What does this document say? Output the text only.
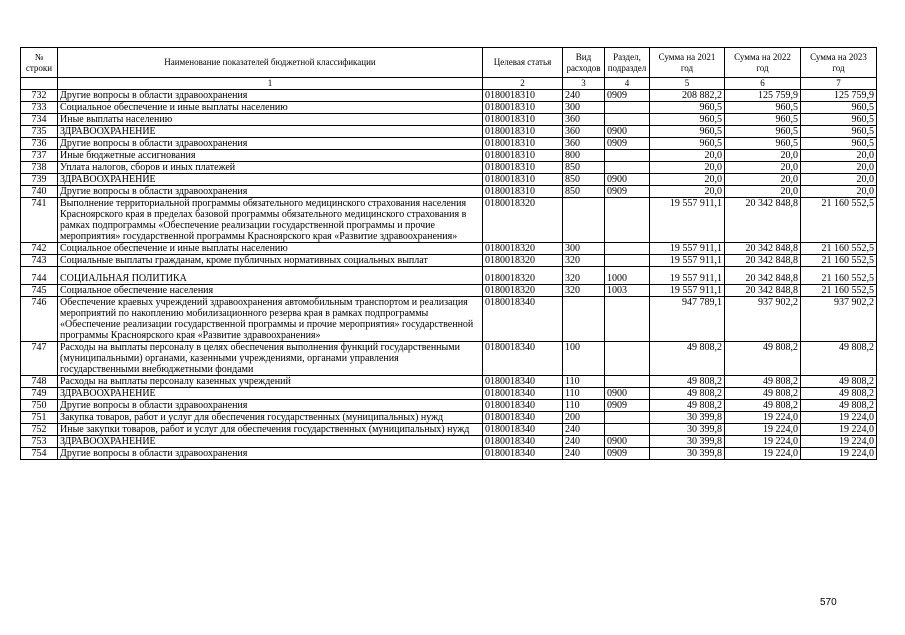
№ строки	Наименование показателей бюджетной классификации	Целевая статья	Вид расходов	Раздел, подраздел	Сумма на 2021 год	Сумма на 2022 год	Сумма на 2023 год
	1	2	3	4	5	6	7
732	Другие вопросы в области здравоохранения	0180018310	240	0909	208 882,2	125 759,9	125 759,9
733	Социальное обеспечение и иные выплаты населению	0180018310	300		960,5	960,5	960,5
734	Иные выплаты населению	0180018310	360		960,5	960,5	960,5
735	ЗДРАВООХРАНЕНИЕ	0180018310	360	0900	960,5	960,5	960,5
736	Другие вопросы в области здравоохранения	0180018310	360	0909	960,5	960,5	960,5
737	Иные бюджетные ассигнования	0180018310	800		20,0	20,0	20,0
738	Уплата налогов, сборов и иных платежей	0180018310	850		20,0	20,0	20,0
739	ЗДРАВООХРАНЕНИЕ	0180018310	850	0900	20,0	20,0	20,0
740	Другие вопросы в области здравоохранения	0180018310	850	0909	20,0	20,0	20,0
741	Выполнение территориальной программы обязательного медицинского страхования населения Красноярского края в пределах базовой программы обязательного медицинского страхования в рамках подпрограммы «Обеспечение реализации государственной программы и прочие мероприятия» государственной программы Красноярского края «Развитие здравоохранения»	0180018320			19 557 911,1	20 342 848,8	21 160 552,5
742	Социальное обеспечение и иные выплаты населению	0180018320	300		19 557 911,1	20 342 848,8	21 160 552,5
743	Социальные выплаты гражданам, кроме публичных нормативных социальных выплат	0180018320	320		19 557 911,1	20 342 848,8	21 160 552,5
744	СОЦИАЛЬНАЯ ПОЛИТИКА	0180018320	320	1000	19 557 911,1	20 342 848,8	21 160 552,5
745	Социальное обеспечение населения	0180018320	320	1003	19 557 911,1	20 342 848,8	21 160 552,5
746	Обеспечение краевых учреждений здравоохранения автомобильным транспортом и реализация мероприятий по накоплению мобилизационного резерва края в рамках подпрограммы «Обеспечение реализации государственной программы и прочие мероприятия» государственной программы Красноярского края «Развитие здравоохранения»	0180018340			947 789,1	937 902,2	937 902,2
747	Расходы на выплаты персоналу в целях обеспечения выполнения функций государственными (муниципальными) органами, казенными учреждениями, органами управления государственными внебюджетными фондами	0180018340	100		49 808,2	49 808,2	49 808,2
748	Расходы на выплаты персоналу казенных учреждений	0180018340	110		49 808,2	49 808,2	49 808,2
749	ЗДРАВООХРАНЕНИЕ	0180018340	110	0900	49 808,2	49 808,2	49 808,2
750	Другие вопросы в области здравоохранения	0180018340	110	0909	49 808,2	49 808,2	49 808,2
751	Закупка товаров, работ и услуг для обеспечения государственных (муниципальных) нужд	0180018340	200		30 399,8	19 224,0	19 224,0
752	Иные закупки товаров, работ и услуг для обеспечения государственных (муниципальных) нужд	0180018340	240		30 399,8	19 224,0	19 224,0
753	ЗДРАВООХРАНЕНИЕ	0180018340	240	0900	30 399,8	19 224,0	19 224,0
754	Другие вопросы в области здравоохранения	0180018340	240	0909	30 399,8	19 224,0	19 224,0
570
